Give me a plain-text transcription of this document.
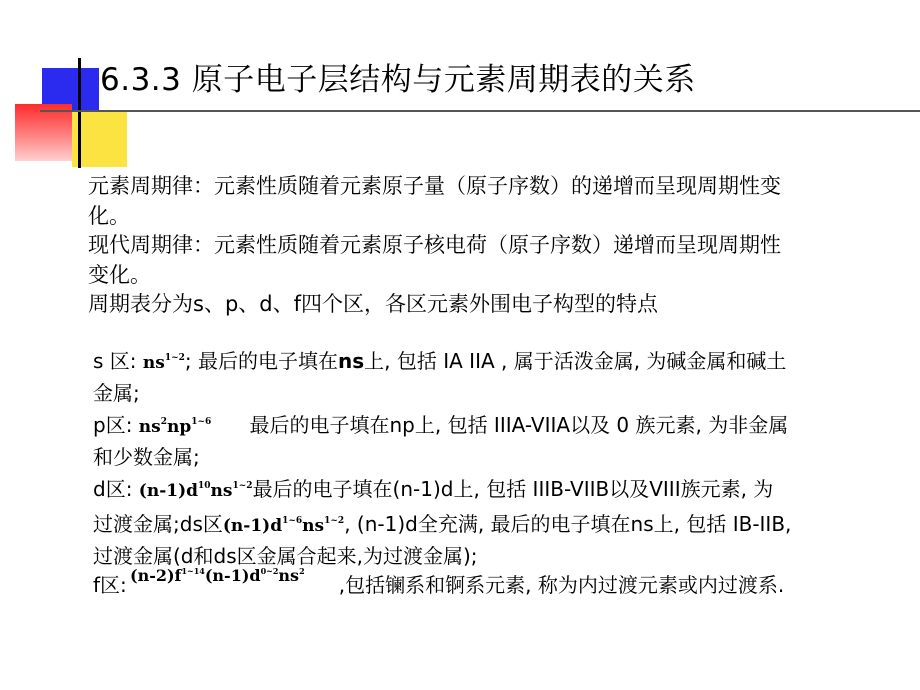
6.3.3 原子电子层结构与元素周期表的关系
元素周期律：元素性质随着元素原子量（原子序数）的递增而呈现周期性变化。
现代周期律：元素性质随着元素原子核电荷（原子序数）递增而呈现周期性变化。
周期表分为s、p、d、f四个区，各区元素外围电子构型的特点
s 区: $ns^{1\sim 2}$; 最后的电子填在ns上, 包括 IA IIA , 属于活泼金属, 为碱金属和碱土金属;
p区: $ns^2np^{1\sim 6}$ 最后的电子填在np上, 包括 IIIA-VIIA以及 0 族元素, 为非金属和少数金属;
d区: $(n-1)d^{10}ns^{1\sim 2}$最后的电子填在(n-1)d上, 包括 IIIB-VIIB以及VIII族元素, 为过渡金属;ds区$(n-1)d^{1\sim 6}ns^{1\sim 2}$, (n-1)d全充满, 最后的电子填在ns上, 包括 IB-IIB, 过渡金属(d和ds区金属合起来,为过渡金属);
f区:	,包括镧系和锕系元素, 称为内过渡元素或内过渡系.
$(n-2)f^{1\sim 14}(n-1)d^{0\sim 2}ns^2$
